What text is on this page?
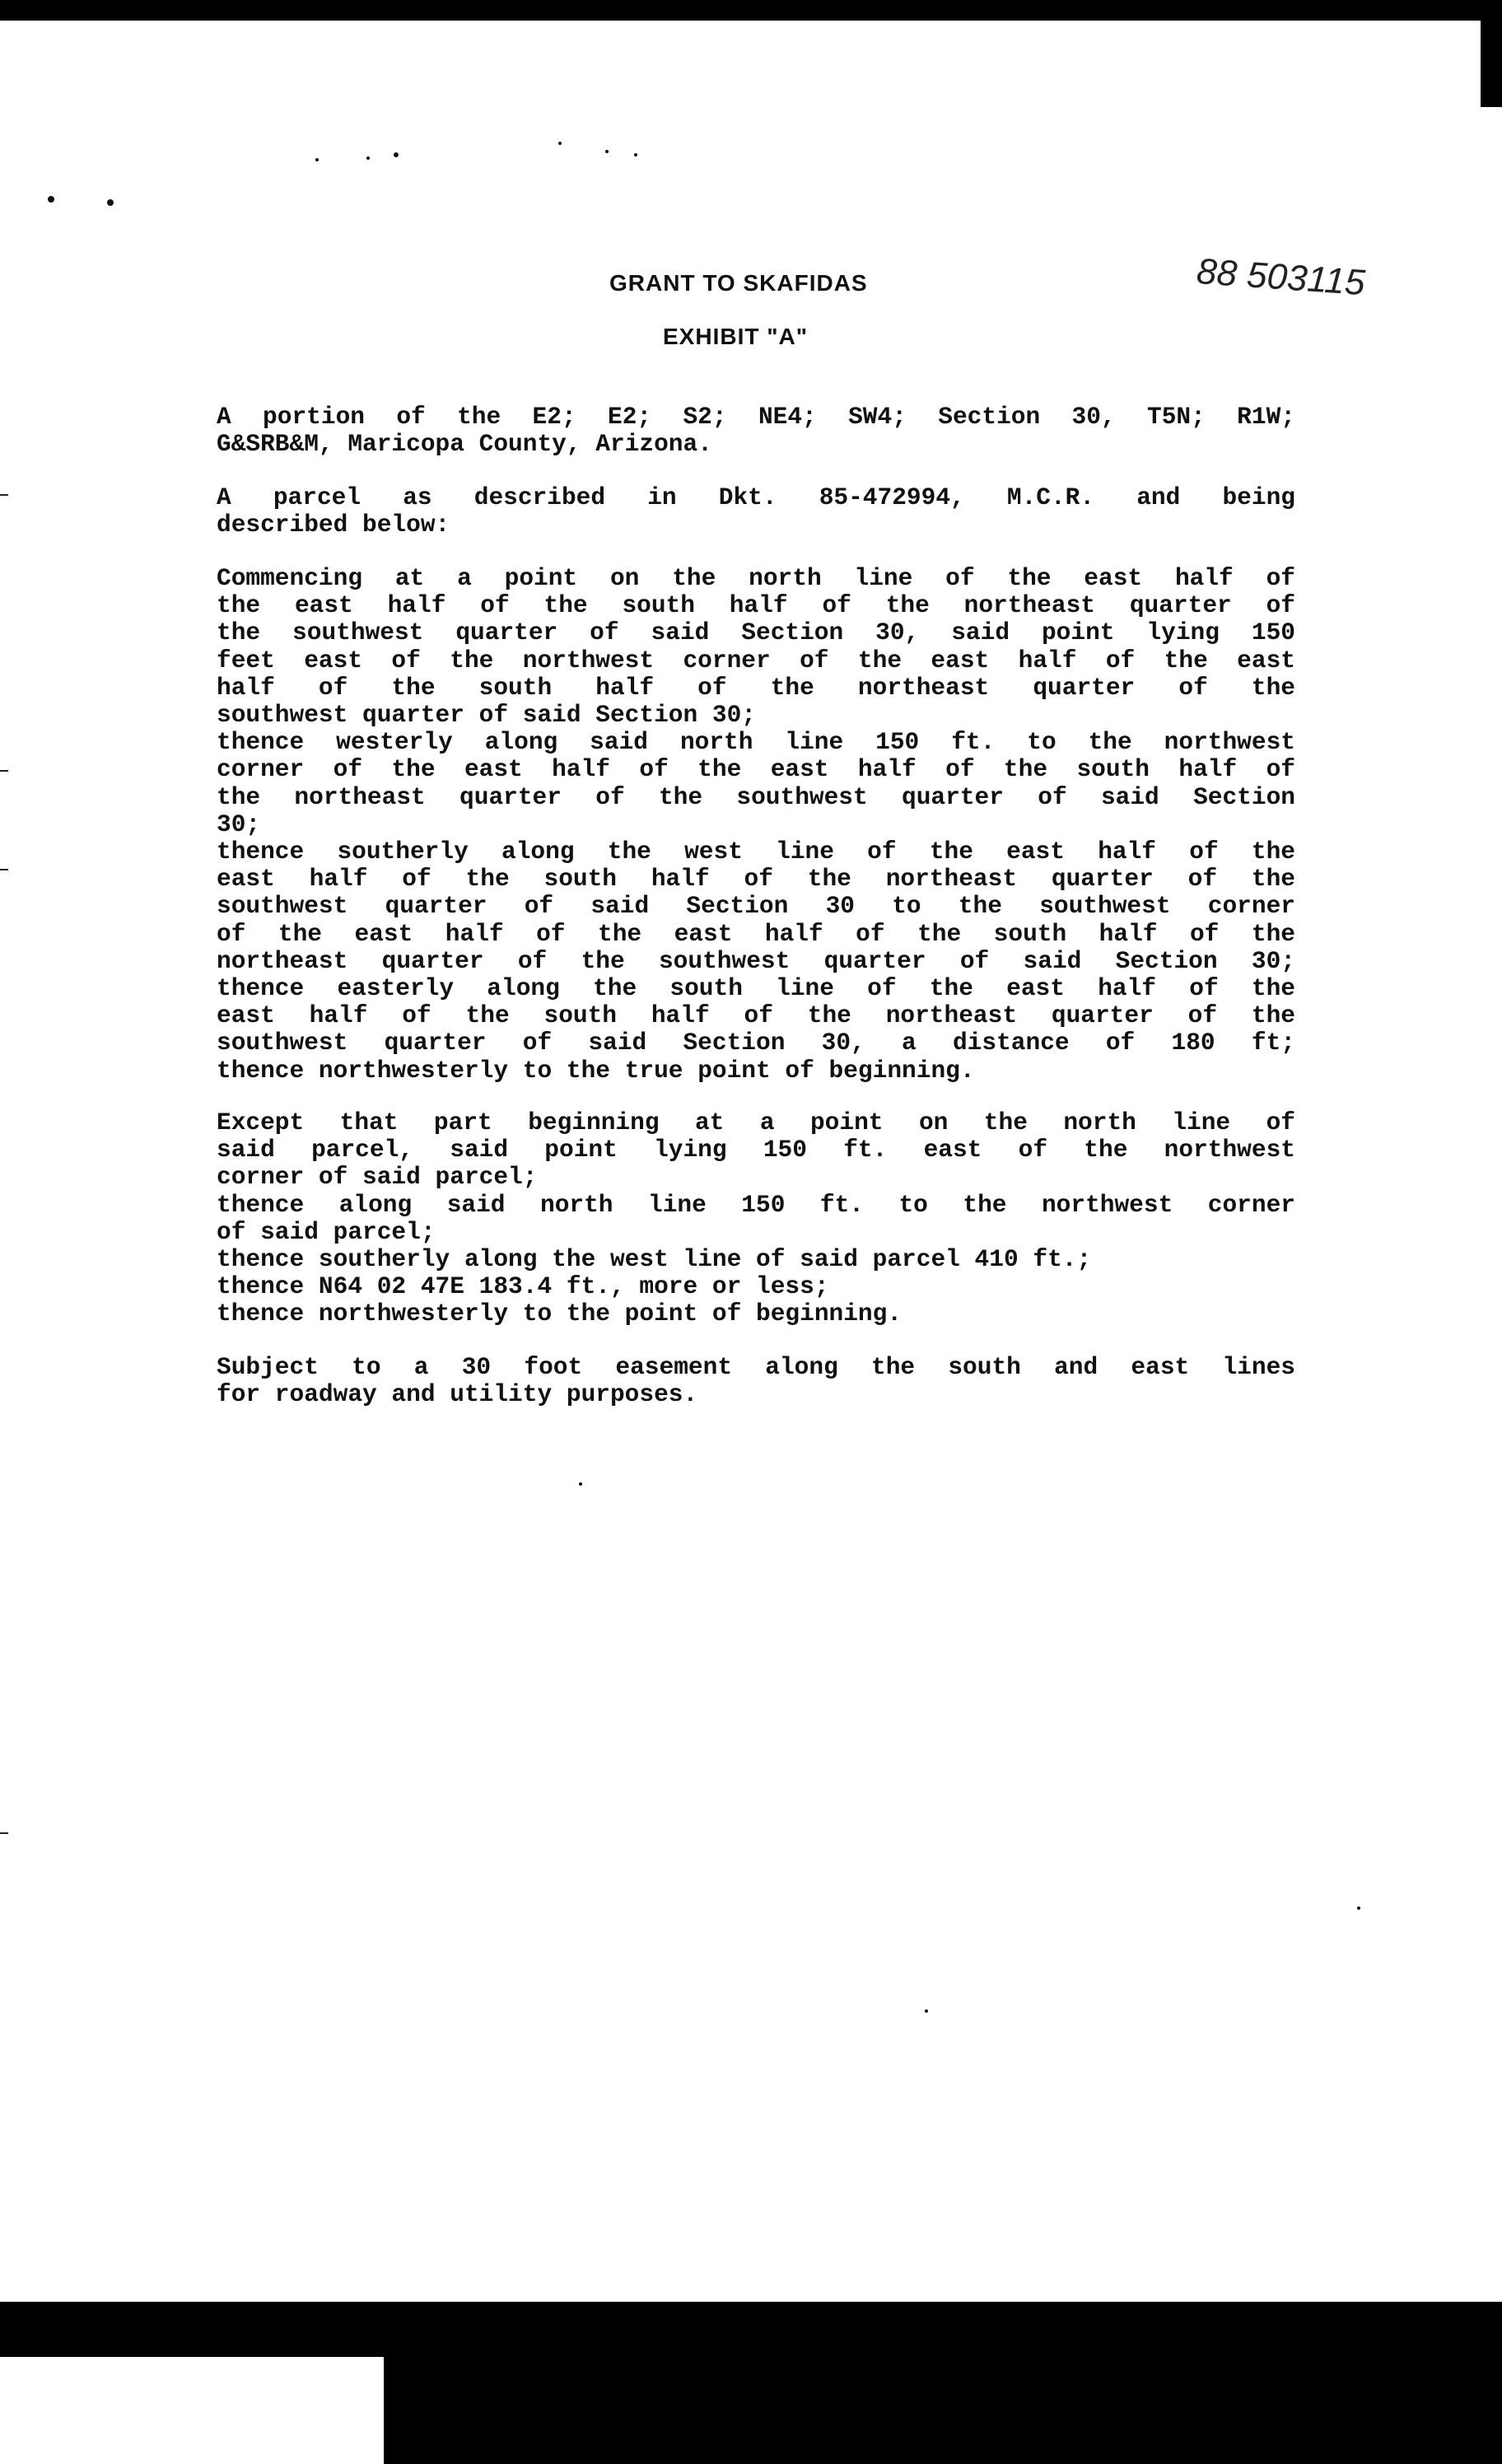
GRANT TO SKAFIDAS
EXHIBIT "A"
88 503115
A portion of the E2; E2; S2; NE4; SW4; Section 30, T5N; R1W;
G&SRB&M, Maricopa County, Arizona.
A parcel as described in Dkt. 85-472994, M.C.R. and being
described below:
Commencing at a point on the north line of the east half of
the east half of the south half of the northeast quarter of
the southwest quarter of said Section 30, said point lying 150
feet east of the northwest corner of the east half of the east
half of the south half of the northeast quarter of the
southwest quarter of said Section 30;
thence westerly along said north line 150 ft. to the northwest
corner of the east half of the east half of the south half of
the northeast quarter of the southwest quarter of said Section
30;
thence southerly along the west line of the east half of the
east half of the south half of the northeast quarter of the
southwest quarter of said Section 30 to the southwest corner
of the east half of the east half of the south half of the
northeast quarter of the southwest quarter of said Section 30;
thence easterly along the south line of the east half of the
east half of the south half of the northeast quarter of the
southwest quarter of said Section 30, a distance of 180 ft;
thence northwesterly to the true point of beginning.
Except that part beginning at a point on the north line of
said parcel, said point lying 150 ft. east of the northwest
corner of said parcel;
thence along said north line 150 ft. to the northwest corner
of said parcel;
thence southerly along the west line of said parcel 410 ft.;
thence N64 02 47E 183.4 ft., more or less;
thence northwesterly to the point of beginning.
Subject to a 30 foot easement along the south and east lines
for roadway and utility purposes.
